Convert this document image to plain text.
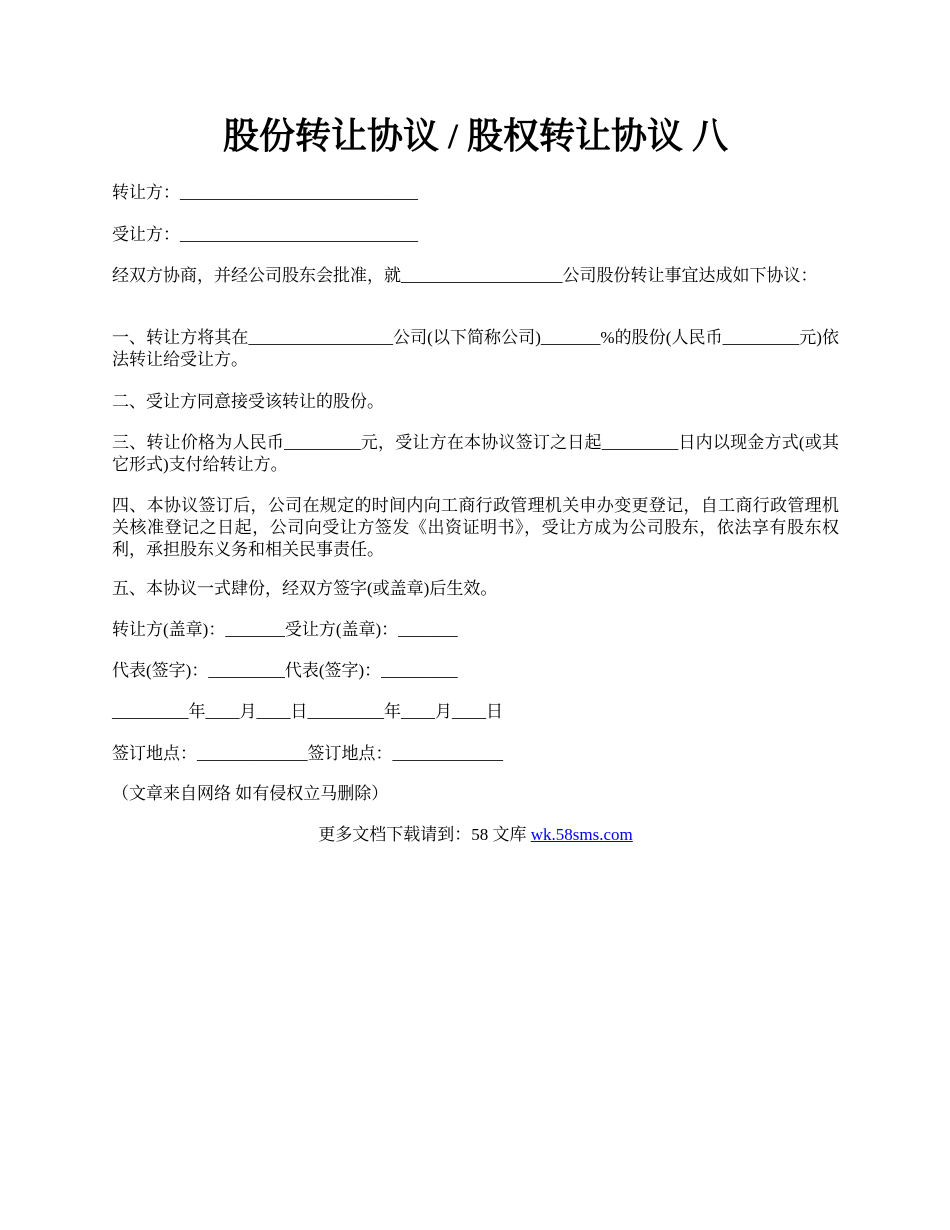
股份转让协议 / 股权转让协议 八

转让方：____________________________

受让方：____________________________

经双方协商，并经公司股东会批准，就___________________公司股份转让事宜达成如下协议：

一、转让方将其在_________________公司(以下简称公司)_______%的股份(人民币_________元)依法转让给受让方。

二、受让方同意接受该转让的股份。

三、转让价格为人民币_________元，受让方在本协议签订之日起_________日内以现金方式(或其它形式)支付给转让方。

四、本协议签订后，公司在规定的时间内向工商行政管理机关申办变更登记，自工商行政管理机关核准登记之日起，公司向受让方签发《出资证明书》，受让方成为公司股东，依法享有股东权利，承担股东义务和相关民事责任。

五、本协议一式肆份，经双方签字(或盖章)后生效。

转让方(盖章)：_______受让方(盖章)：_______

代表(签字)：_________代表(签字)：_________

_________年____月____日_________年____月____日

签订地点：_____________签订地点：_____________

（文章来自网络 如有侵权立马删除）

更多文档下载请到：58 文库 wk.58sms.com
